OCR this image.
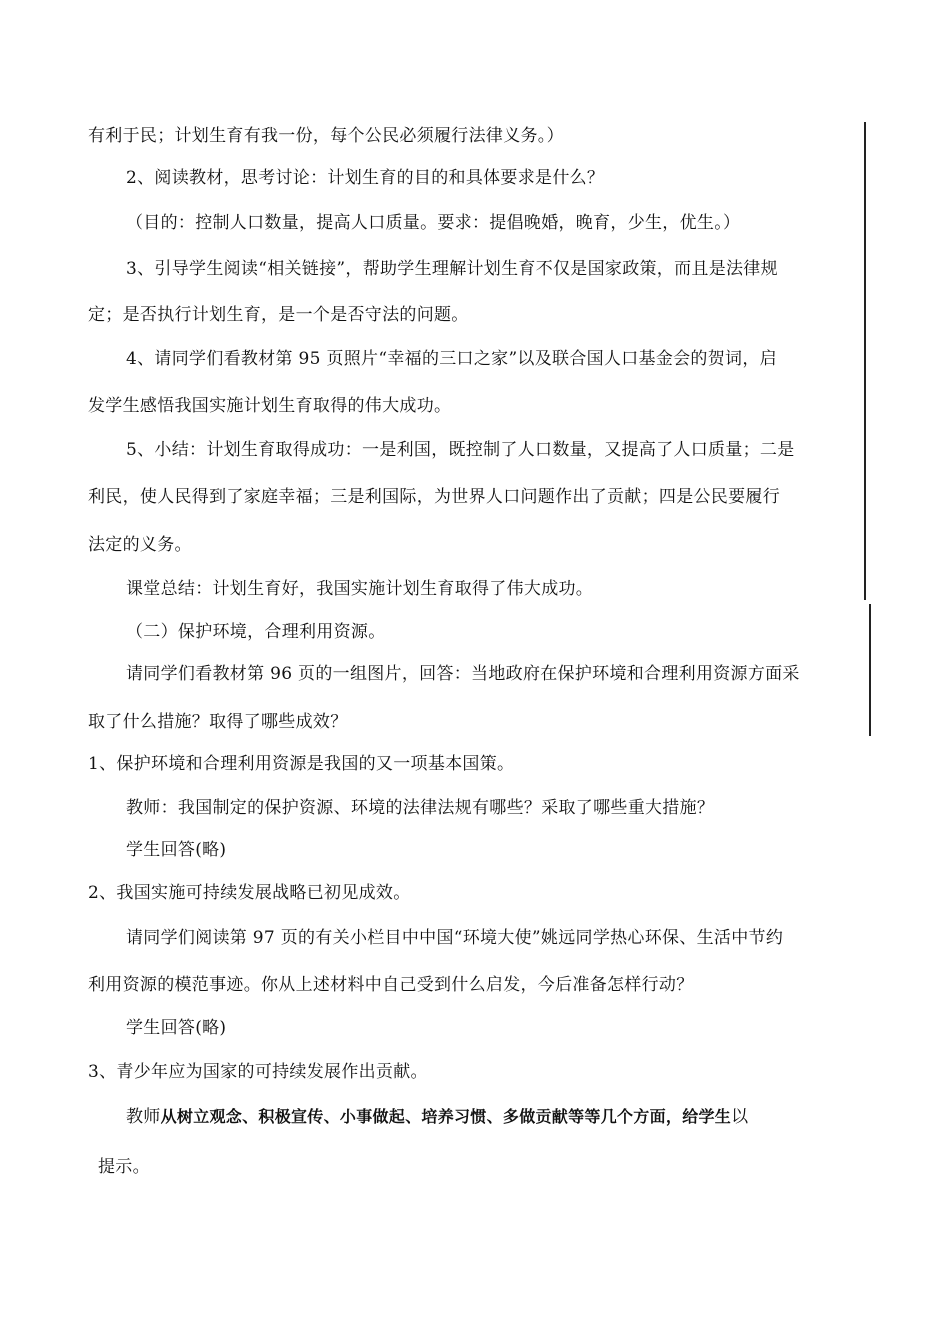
有利于民；计划生育有我一份，每个公民必须履行法律义务。）
2、阅读教材，思考讨论：计划生育的目的和具体要求是什么？
（目的：控制人口数量，提高人口质量。要求：提倡晚婚，晚育，少生，优生。）
3、引导学生阅读“相关链接”，帮助学生理解计划生育不仅是国家政策，而且是法律规
定；是否执行计划生育，是一个是否守法的问题。
4、请同学们看教材第 95 页照片“幸福的三口之家”以及联合国人口基金会的贺词，启
发学生感悟我国实施计划生育取得的伟大成功。
5、小结：计划生育取得成功：一是利国，既控制了人口数量，又提高了人口质量；二是
利民，使人民得到了家庭幸福；三是利国际，为世界人口问题作出了贡献；四是公民要履行
法定的义务。
课堂总结：计划生育好，我国实施计划生育取得了伟大成功。
（二）保护环境，合理利用资源。
请同学们看教材第 96 页的一组图片，回答：当地政府在保护环境和合理利用资源方面采
取了什么措施？取得了哪些成效？
1、保护环境和合理利用资源是我国的又一项基本国策。
教师：我国制定的保护资源、环境的法律法规有哪些？采取了哪些重大措施？
学生回答(略)
2、我国实施可持续发展战略已初见成效。
请同学们阅读第 97 页的有关小栏目中中国“环境大使”姚远同学热心环保、生活中节约
利用资源的模范事迹。你从上述材料中自己受到什么启发，今后准备怎样行动？
学生回答(略)
3、青少年应为国家的可持续发展作出贡献。
教师从树立观念、积极宣传、小事做起、培养习惯、多做贡献等等几个方面，给学生以
提示。
